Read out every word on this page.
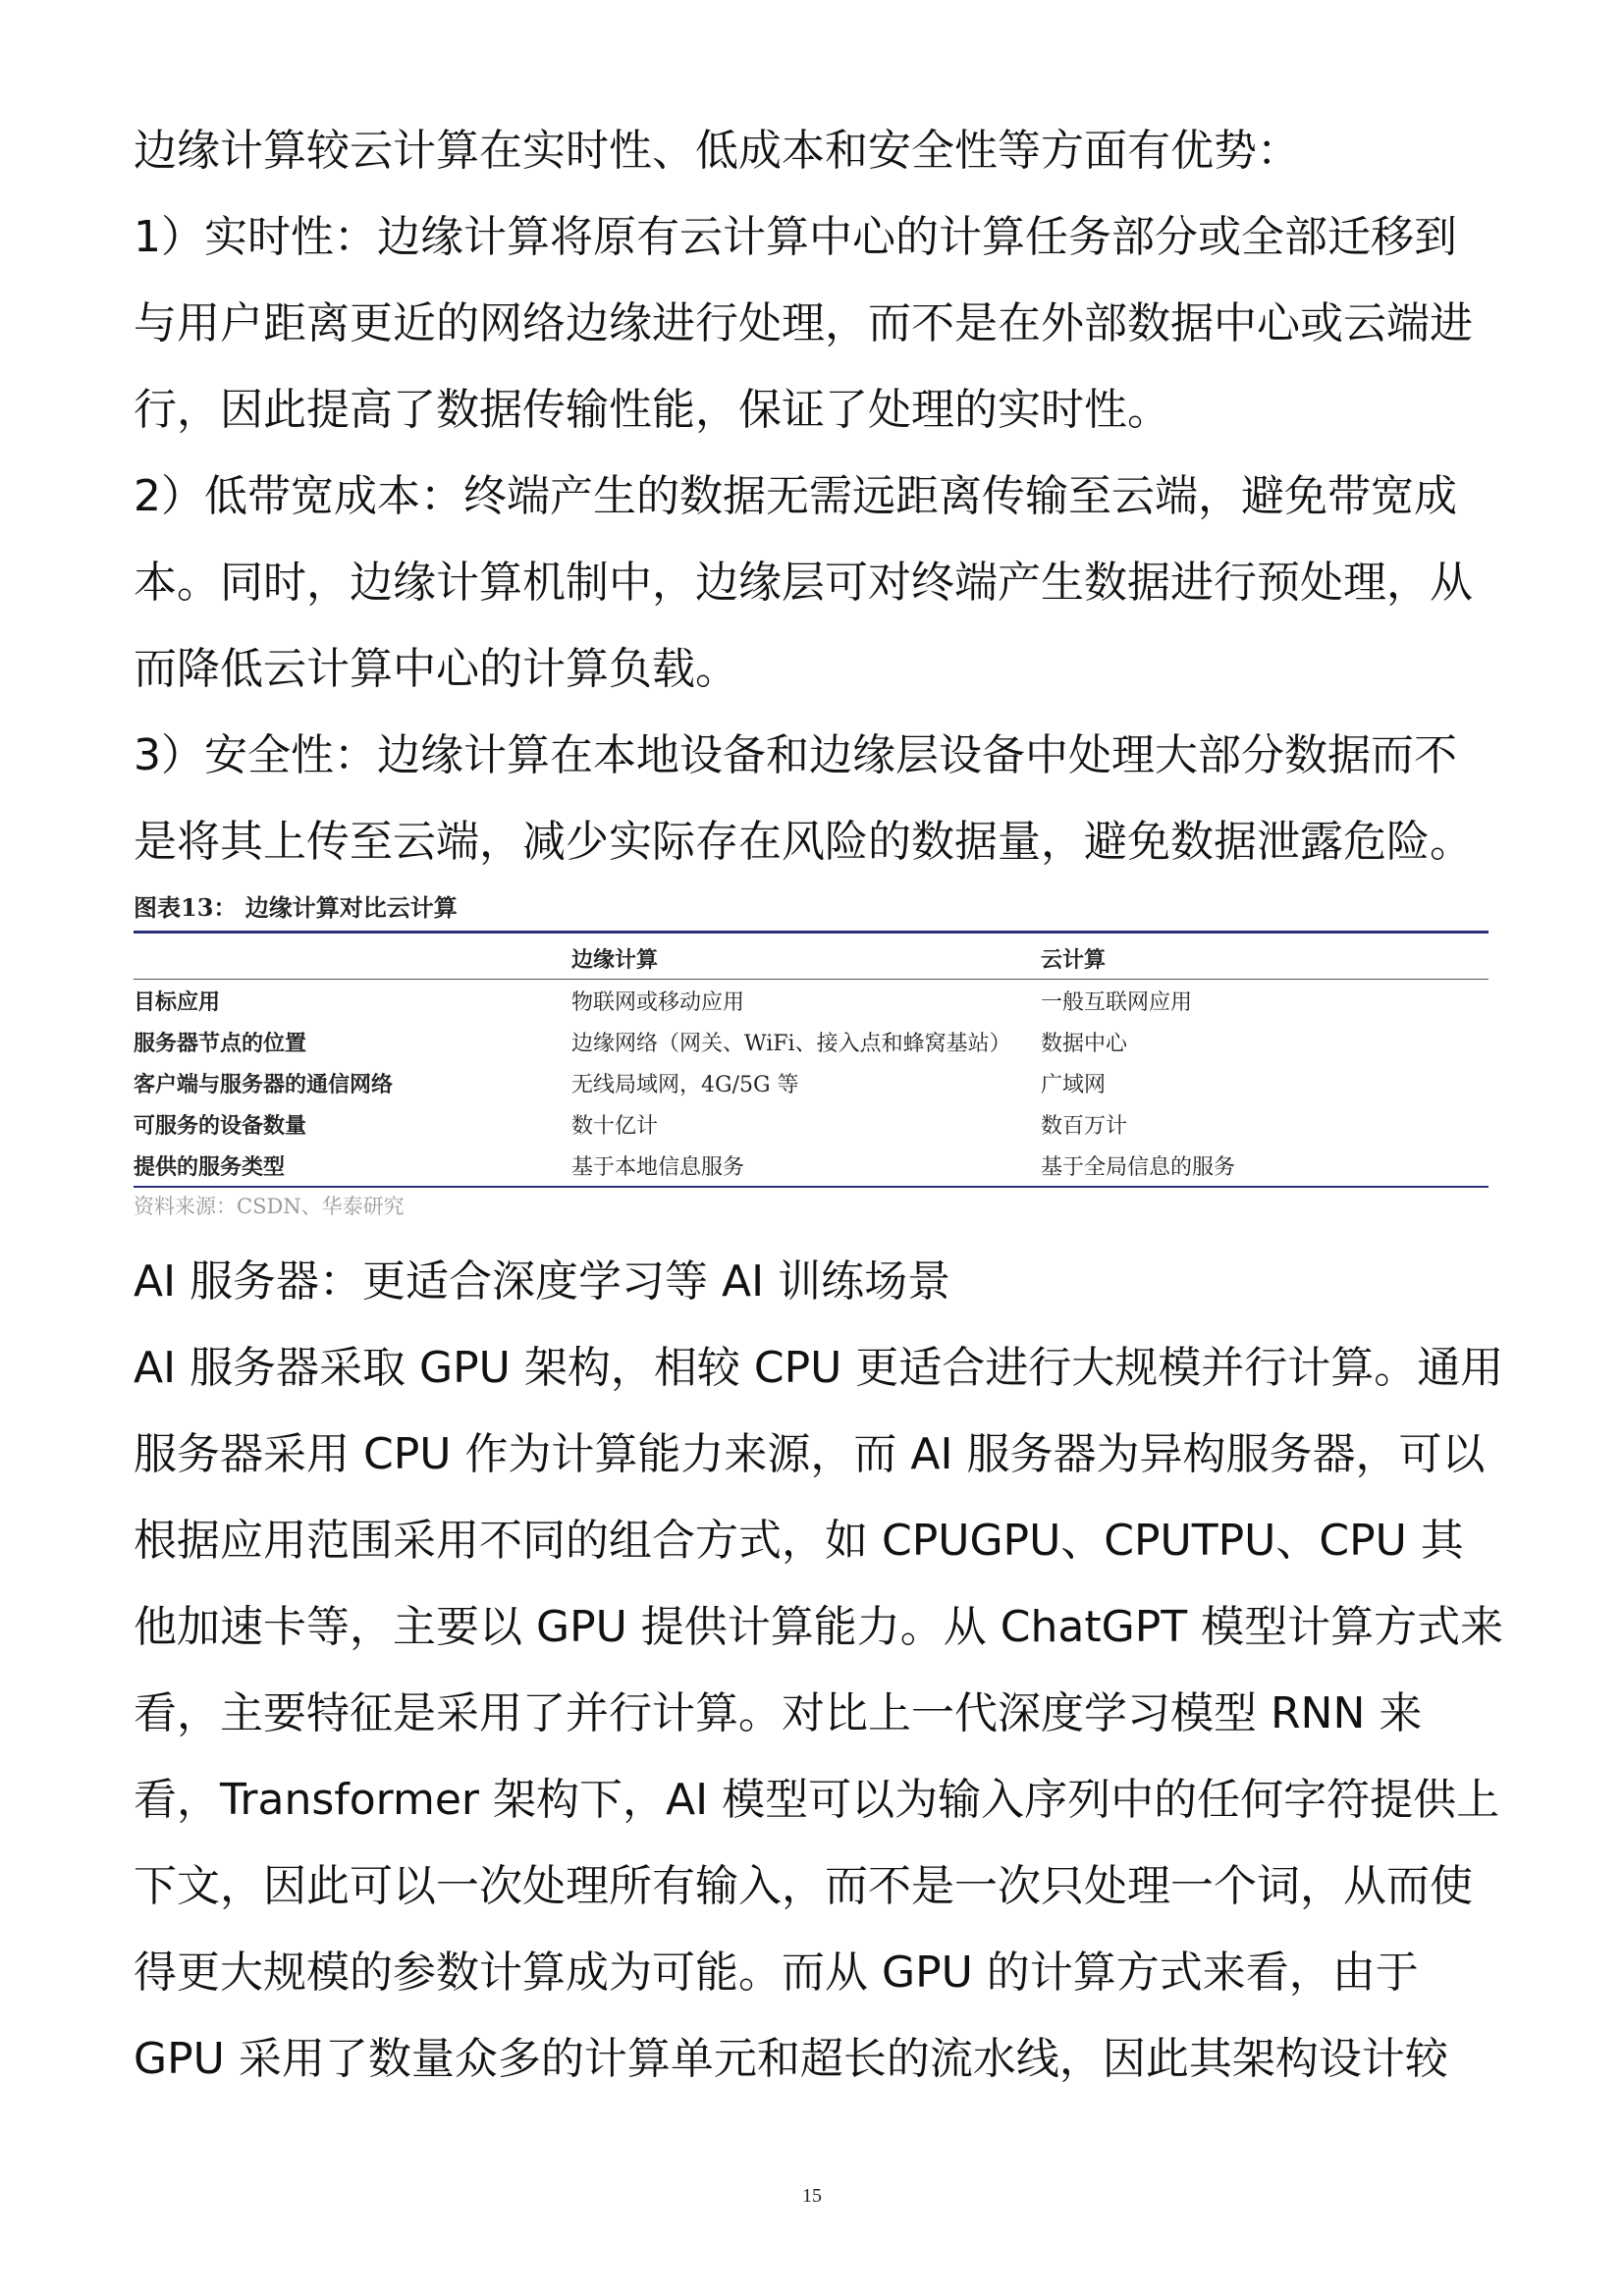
边缘计算较云计算在实时性、低成本和安全性等方面有优势：
1）实时性：边缘计算将原有云计算中心的计算任务部分或全部迁移到
与用户距离更近的网络边缘进行处理，而不是在外部数据中心或云端进
行，因此提高了数据传输性能，保证了处理的实时性。
2）低带宽成本：终端产生的数据无需远距离传输至云端，避免带宽成
本。同时，边缘计算机制中，边缘层可对终端产生数据进行预处理，从
而降低云计算中心的计算负载。
3）安全性：边缘计算在本地设备和边缘层设备中处理大部分数据而不
是将其上传至云端，减少实际存在风险的数据量，避免数据泄露危险。
图表13： 边缘计算对比云计算
	边缘计算	云计算
目标应用	物联网或移动应用	一般互联网应用
服务器节点的位置	边缘网络（网关、WiFi、接入点和蜂窝基站）	数据中心
客户端与服务器的通信网络	无线局域网，4G/5G 等	广域网
可服务的设备数量	数十亿计	数百万计
提供的服务类型	基于本地信息服务	基于全局信息的服务
资料来源：CSDN、华泰研究
AI 服务器：更适合深度学习等 AI 训练场景
AI 服务器采取 GPU 架构，相较 CPU 更适合进行大规模并行计算。通用
服务器采用 CPU 作为计算能力来源，而 AI 服务器为异构服务器，可以
根据应用范围采用不同的组合方式，如 CPUGPU、CPUTPU、CPU 其
他加速卡等，主要以 GPU 提供计算能力。从 ChatGPT 模型计算方式来
看，主要特征是采用了并行计算。对比上一代深度学习模型 RNN 来
看，Transformer 架构下，AI 模型可以为输入序列中的任何字符提供上
下文，因此可以一次处理所有输入，而不是一次只处理一个词，从而使
得更大规模的参数计算成为可能。而从 GPU 的计算方式来看，由于
GPU 采用了数量众多的计算单元和超长的流水线，因此其架构设计较
15
